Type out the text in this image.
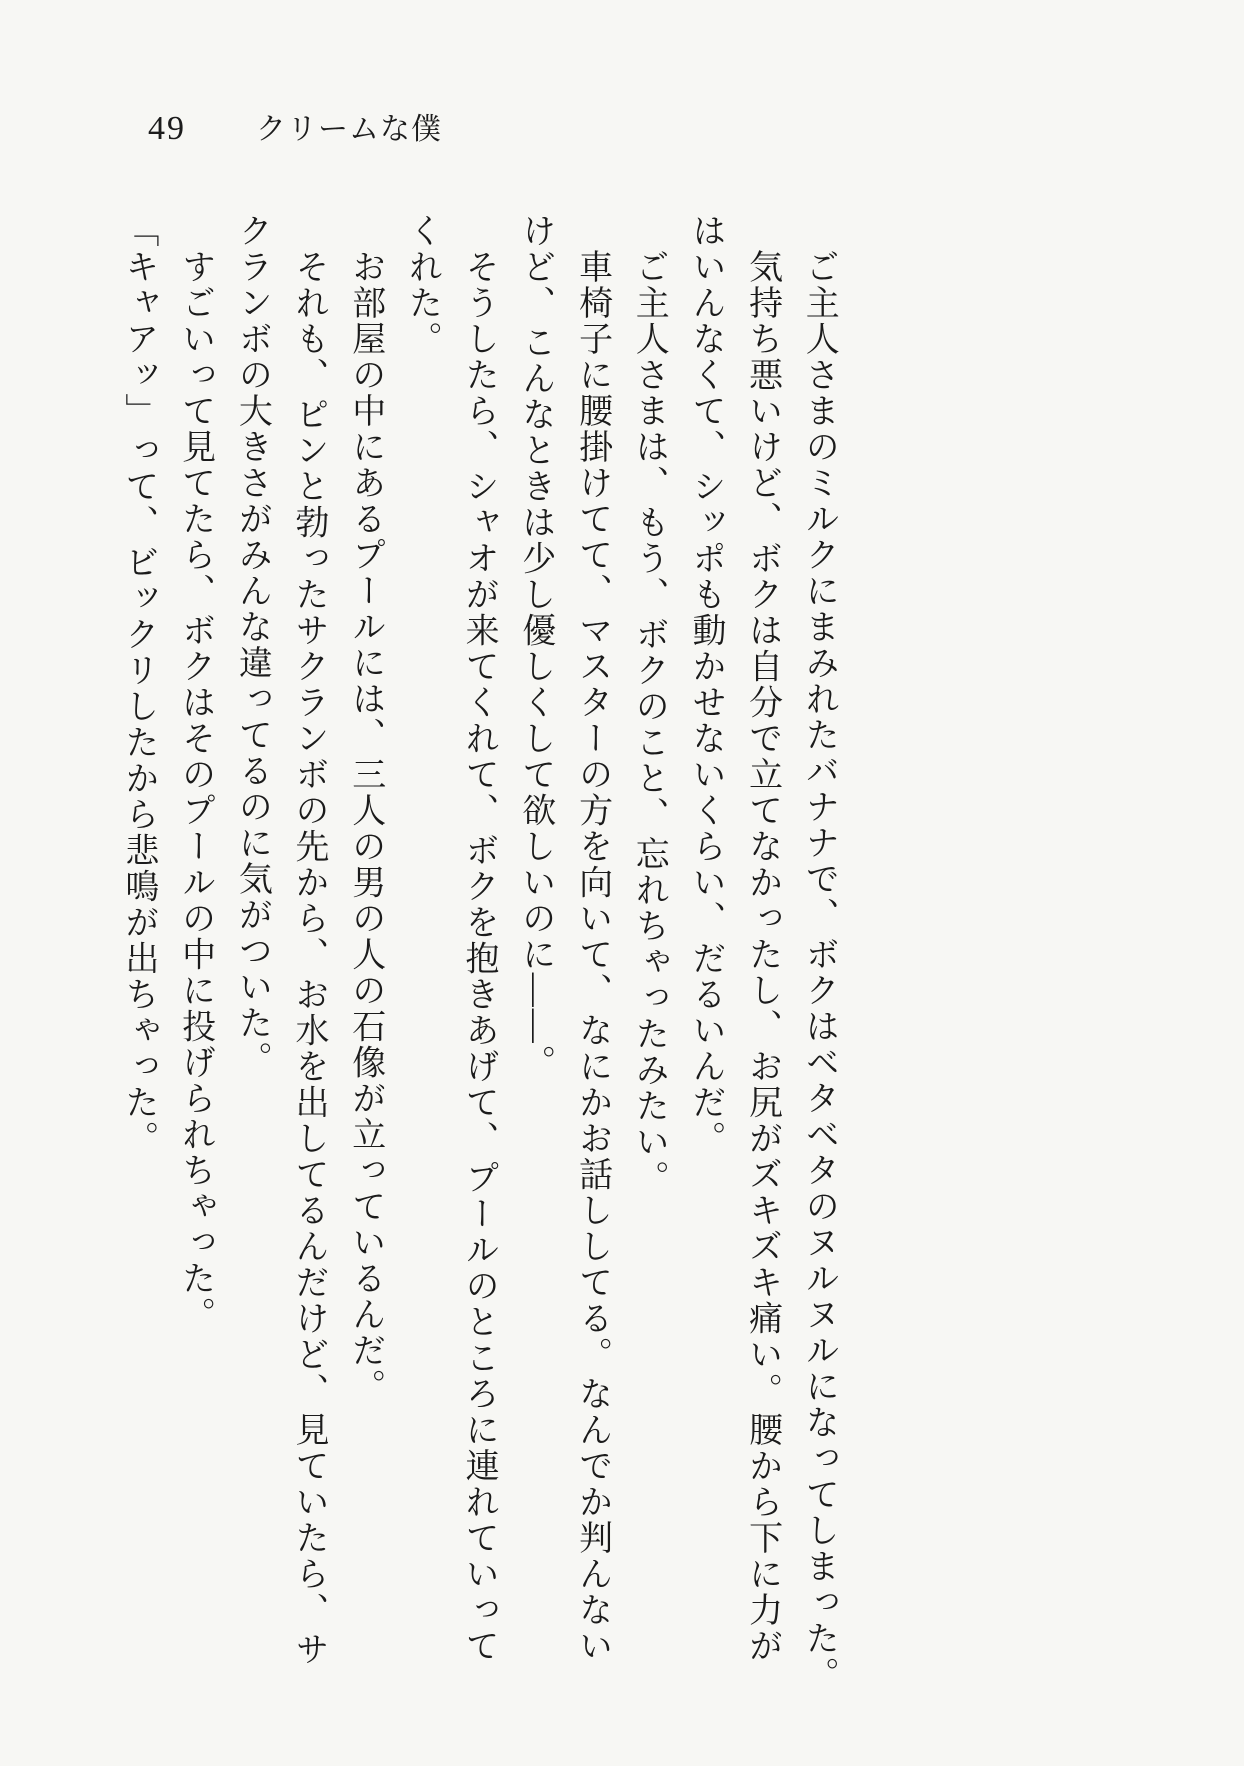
49 クリームな僕
ご主人さまのミルクにまみれたバナナで、　ボクはベタベタのヌルヌルになってしまった。
気持ち悪いけど、　ボクは自分で立てなかったし、　お尻がズキズキ痛い。　腰から下に力が
はいんなくて、　シッポも動かせないくらい、　だるいんだ。
ご主人さまは、　もう、　ボクのこと、　忘れちゃったみたい。
車椅子に腰掛けてて、　マスターの方を向いて、　なにかお話ししてる。　なんでか判んない
けど、　こんなときは少し優しくして欲しいのに——。
そうしたら、　シャオが来てくれて、　ボクを抱きあげて、　プールのところに連れていって
くれた。
お部屋の中にあるプールには、　三人の男の人の石像が立っているんだ。
それも、　ピンと勃ったサクランボの先から、　お水を出してるんだけど、　見ていたら、　サ
クランボの大きさがみんな違ってるのに気がついた。
すごいって見てたら、　ボクはそのプールの中に投げられちゃった。
「キャアッ」　って、　ビックリしたから悲鳴が出ちゃった。
